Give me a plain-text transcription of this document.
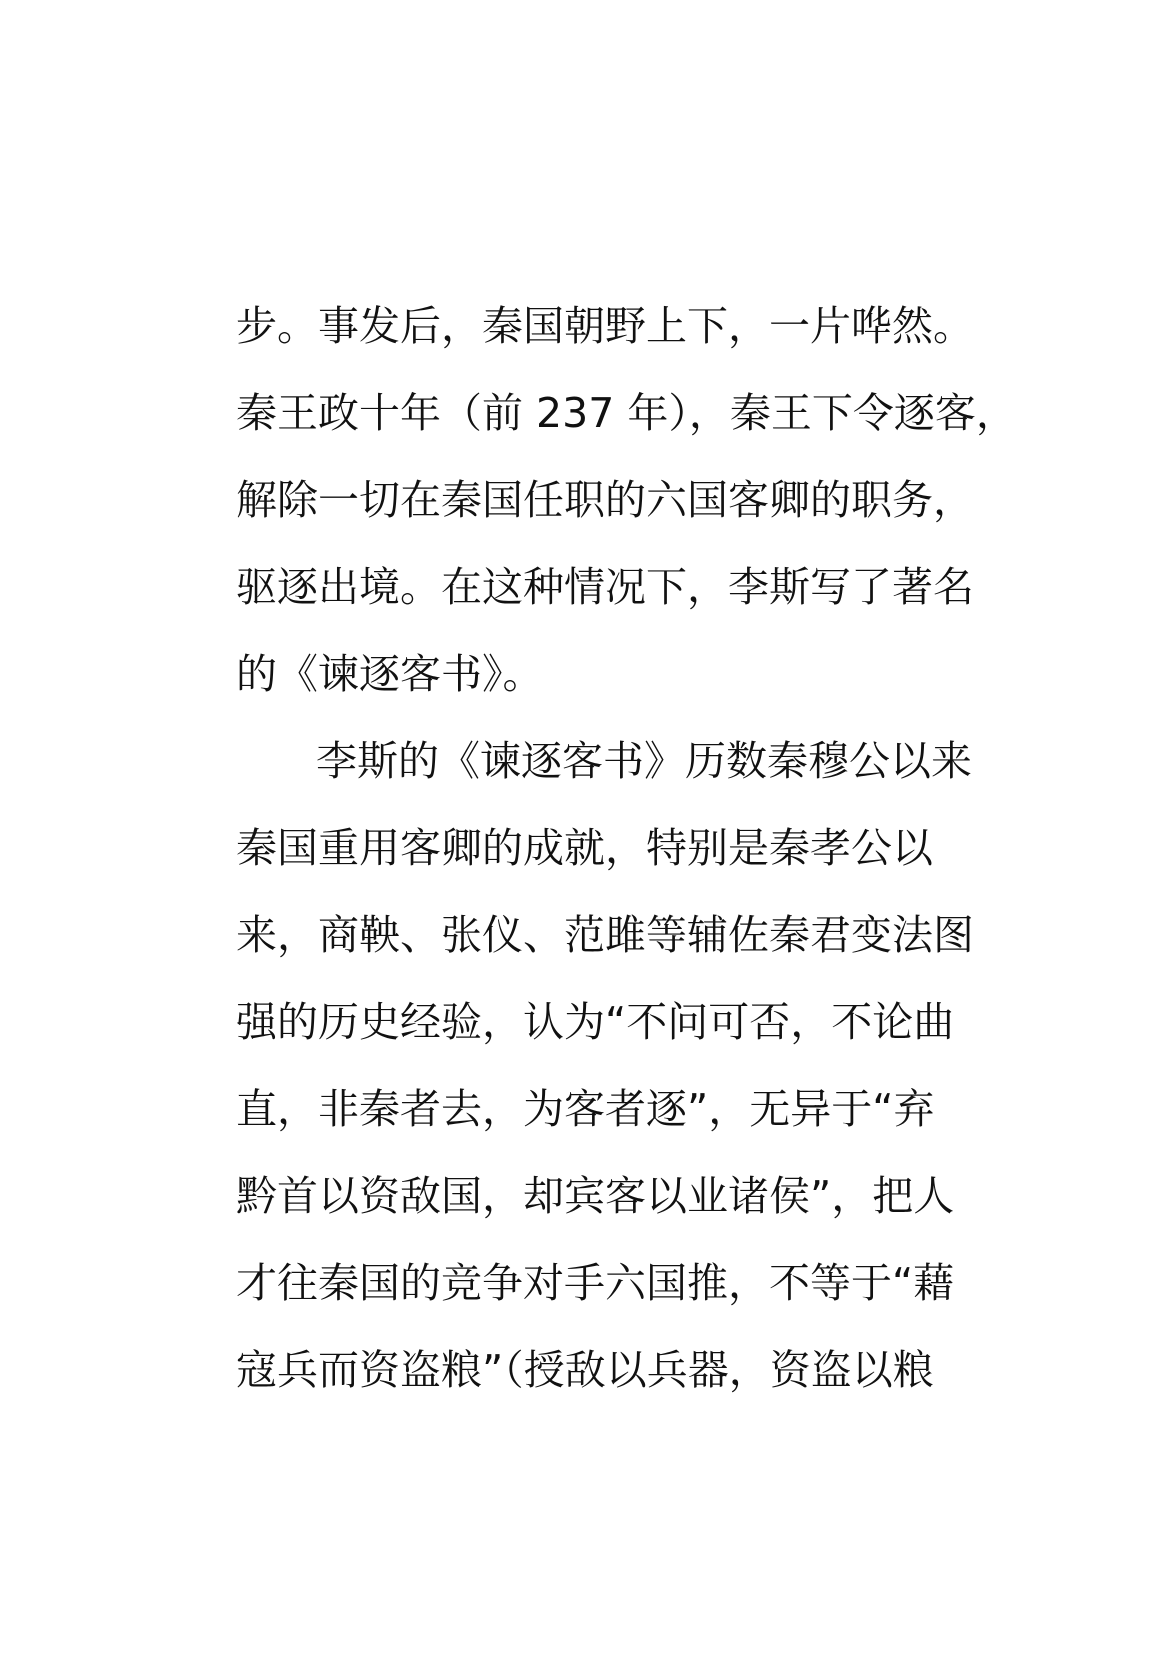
步。事发后，秦国朝野上下，一片哗然。
秦王政十年（前 237 年），秦王下令逐客，
解除一切在秦国任职的六国客卿的职务，
驱逐出境。在这种情况下，李斯写了著名
的《谏逐客书》。
李斯的《谏逐客书》历数秦穆公以来
秦国重用客卿的成就，特别是秦孝公以
来，商鞅、张仪、范雎等辅佐秦君变法图
强的历史经验，认为“不问可否，不论曲
直，非秦者去，为客者逐”，无异于“弃
黔首以资敌国，却宾客以业诸侯”，把人
才往秦国的竞争对手六国推，不等于“藉
寇兵而资盗粮”（授敌以兵器，资盗以粮
